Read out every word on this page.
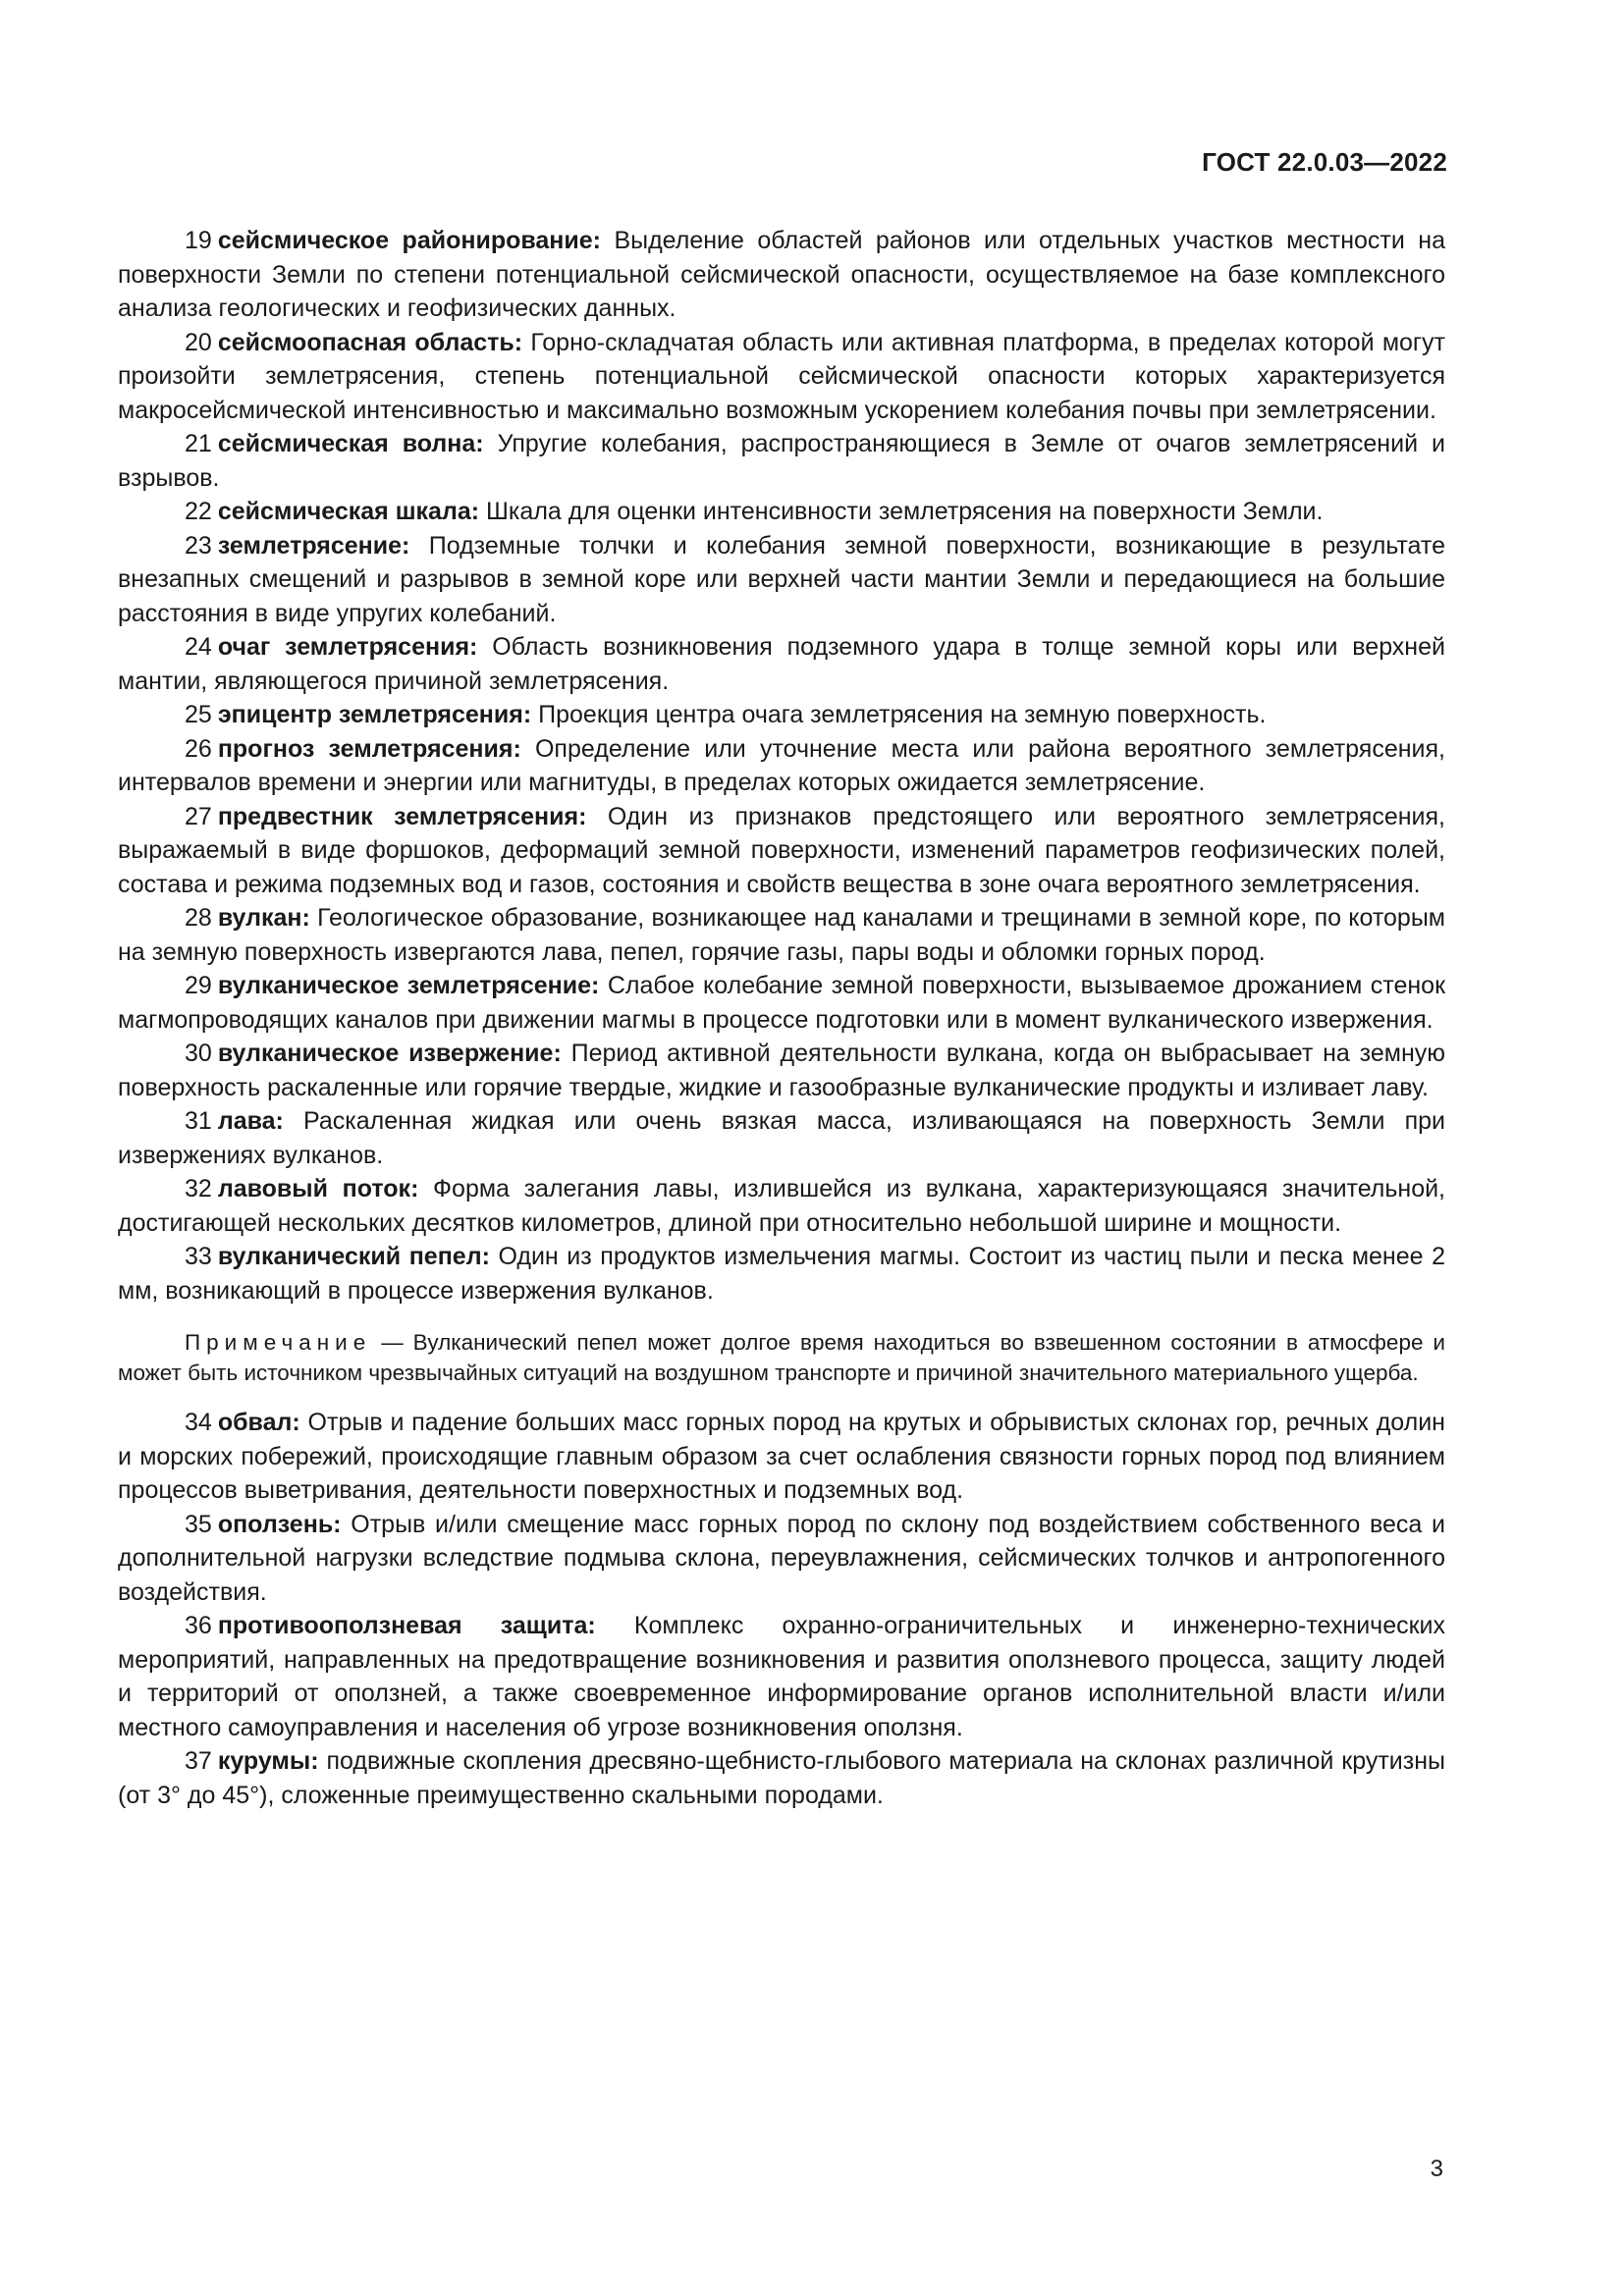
ГОСТ 22.0.03—2022

19 сейсмическое районирование: Выделение областей районов или отдельных участков местности на поверхности Земли по степени потенциальной сейсмической опасности, осуществляемое на базе комплексного анализа геологических и геофизических данных.

20 сейсмоопасная область: Горно-складчатая область или активная платформа, в пределах которой могут произойти землетрясения, степень потенциальной сейсмической опасности которых характеризуется макросейсмической интенсивностью и максимально возможным ускорением колебания почвы при землетрясении.

21 сейсмическая волна: Упругие колебания, распространяющиеся в Земле от очагов землетрясений и взрывов.

22 сейсмическая шкала: Шкала для оценки интенсивности землетрясения на поверхности Земли.

23 землетрясение: Подземные толчки и колебания земной поверхности, возникающие в результате внезапных смещений и разрывов в земной коре или верхней части мантии Земли и передающиеся на большие расстояния в виде упругих колебаний.

24 очаг землетрясения: Область возникновения подземного удара в толще земной коры или верхней мантии, являющегося причиной землетрясения.

25 эпицентр землетрясения: Проекция центра очага землетрясения на земную поверхность.

26 прогноз землетрясения: Определение или уточнение места или района вероятного землетрясения, интервалов времени и энергии или магнитуды, в пределах которых ожидается землетрясение.

27 предвестник землетрясения: Один из признаков предстоящего или вероятного землетрясения, выражаемый в виде форшоков, деформаций земной поверхности, изменений параметров геофизических полей, состава и режима подземных вод и газов, состояния и свойств вещества в зоне очага вероятного землетрясения.

28 вулкан: Геологическое образование, возникающее над каналами и трещинами в земной коре, по которым на земную поверхность извергаются лава, пепел, горячие газы, пары воды и обломки горных пород.

29 вулканическое землетрясение: Слабое колебание земной поверхности, вызываемое дрожанием стенок магмопроводящих каналов при движении магмы в процессе подготовки или в момент вулканического извержения.

30 вулканическое извержение: Период активной деятельности вулкана, когда он выбрасывает на земную поверхность раскаленные или горячие твердые, жидкие и газообразные вулканические продукты и изливает лаву.

31 лава: Раскаленная жидкая или очень вязкая масса, изливающаяся на поверхность Земли при извержениях вулканов.

32 лавовый поток: Форма залегания лавы, излившейся из вулкана, характеризующаяся значительной, достигающей нескольких десятков километров, длиной при относительно небольшой ширине и мощности.

33 вулканический пепел: Один из продуктов измельчения магмы. Состоит из частиц пыли и песка менее 2 мм, возникающий в процессе извержения вулканов.

Примечание — Вулканический пепел может долгое время находиться во взвешенном состоянии в атмосфере и может быть источником чрезвычайных ситуаций на воздушном транспорте и причиной значительного материального ущерба.

34 обвал: Отрыв и падение больших масс горных пород на крутых и обрывистых склонах гор, речных долин и морских побережий, происходящие главным образом за счет ослабления связности горных пород под влиянием процессов выветривания, деятельности поверхностных и подземных вод.

35 оползень: Отрыв и/или смещение масс горных пород по склону под воздействием собственного веса и дополнительной нагрузки вследствие подмыва склона, переувлажнения, сейсмических толчков и антропогенного воздействия.

36 противооползневая защита: Комплекс охранно-ограничительных и инженерно-технических мероприятий, направленных на предотвращение возникновения и развития оползневого процесса, защиту людей и территорий от оползней, а также своевременное информирование органов исполнительной власти и/или местного самоуправления и населения об угрозе возникновения оползня.

37 курумы: подвижные скопления дресвяно-щебнисто-глыбового материала на склонах различной крутизны (от 3° до 45°), сложенные преимущественно скальными породами.

3
